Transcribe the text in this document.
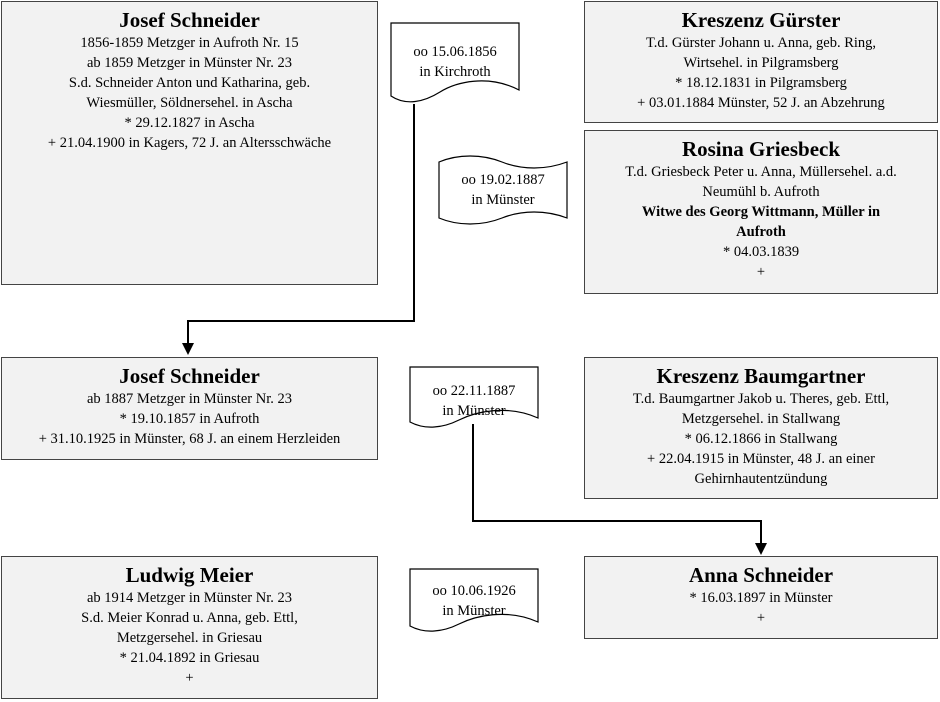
Josef Schneider
1856-1859 Metzger in Aufroth Nr. 15
ab 1859 Metzger in Münster Nr. 23
S.d. Schneider Anton und Katharina, geb.
Wiesmüller, Söldnersehel. in Ascha
* 29.12.1827 in Ascha
+ 21.04.1900 in Kagers, 72 J. an Altersschwäche
Kreszenz Gürster
T.d. Gürster Johann u. Anna, geb. Ring,
Wirtsehel. in Pilgramsberg
* 18.12.1831 in Pilgramsberg
+ 03.01.1884 Münster, 52 J. an Abzehrung
Rosina Griesbeck
T.d. Griesbeck Peter u. Anna, Müllersehel. a.d.
Neumühl b. Aufroth
Witwe des Georg Wittmann, Müller in
Aufroth
* 04.03.1839
+
Josef Schneider
ab 1887 Metzger in Münster Nr. 23
* 19.10.1857 in Aufroth
+ 31.10.1925 in Münster, 68 J. an einem Herzleiden
Kreszenz Baumgartner
T.d. Baumgartner Jakob u. Theres, geb. Ettl,
Metzgersehel. in Stallwang
* 06.12.1866 in Stallwang
+ 22.04.1915 in Münster, 48 J. an einer
Gehirnhautentzündung
Ludwig Meier
ab 1914 Metzger in Münster Nr. 23
S.d. Meier Konrad u. Anna, geb. Ettl,
Metzgersehel. in Griesau
* 21.04.1892 in Griesau
+
Anna Schneider
* 16.03.1897 in Münster
+
oo 15.06.1856
in Kirchroth
oo 19.02.1887
in Münster
oo 22.11.1887
in Münster
oo 10.06.1926
in Münster
